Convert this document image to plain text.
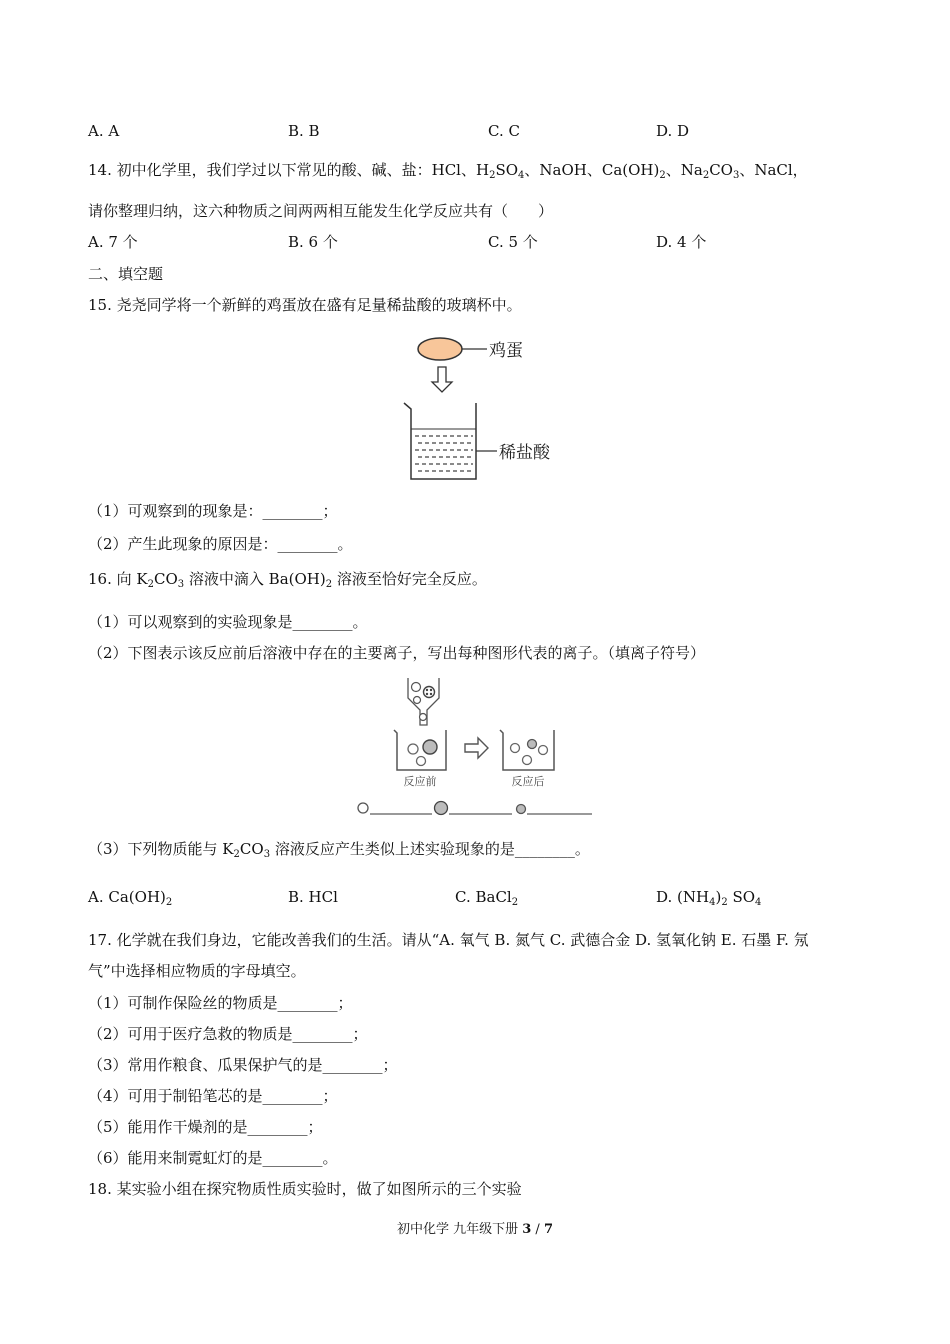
A. A	B. B	C. C	D. D
14. 初中化学里，我们学过以下常见的酸、碱、盐：HCl、$H_2SO_4$、NaOH、$Ca(OH)_2$、$Na_2CO_3$、NaCl，
请你整理归纳，这六种物质之间两两相互能发生化学反应共有（　　）
A. 7 个	B. 6 个	C. 5 个	D. 4 个
二、填空题
15. 尧尧同学将一个新鲜的鸡蛋放在盛有足量稀盐酸的玻璃杯中。
鸡蛋
稀盐酸
（1）可观察到的现象是：________；
（2）产生此现象的原因是：________。
16. 向 $K_2CO_3$ 溶液中滴入 $Ba(OH)_2$ 溶液至恰好完全反应。
（1）可以观察到的实验现象是________。
（2）下图表示该反应前后溶液中存在的主要离子，写出每种图形代表的离子。（填离子符号）
反应前	反应后
（3）下列物质能与 $K_2CO_3$ 溶液反应产生类似上述实验现象的是________。
A. $Ca(OH)_2$	B. HCl	C. BaCl$_2$	D. $(NH_4)_2$ $SO_4$
17. 化学就在我们身边，它能改善我们的生活。请从“A. 氧气 B. 氮气 C. 武德合金 D. 氢氧化钠 E. 石墨 F. 氖
气”中选择相应物质的字母填空。
（1）可制作保险丝的物质是________；
（2）可用于医疗急救的物质是________；
（3）常用作粮食、瓜果保护气的是________；
（4）可用于制铅笔芯的是________；
（5）能用作干燥剂的是________；
（6）能用来制霓虹灯的是________。
18. 某实验小组在探究物质性质实验时，做了如图所示的三个实验
初中化学 九年级下册 3 / 7
